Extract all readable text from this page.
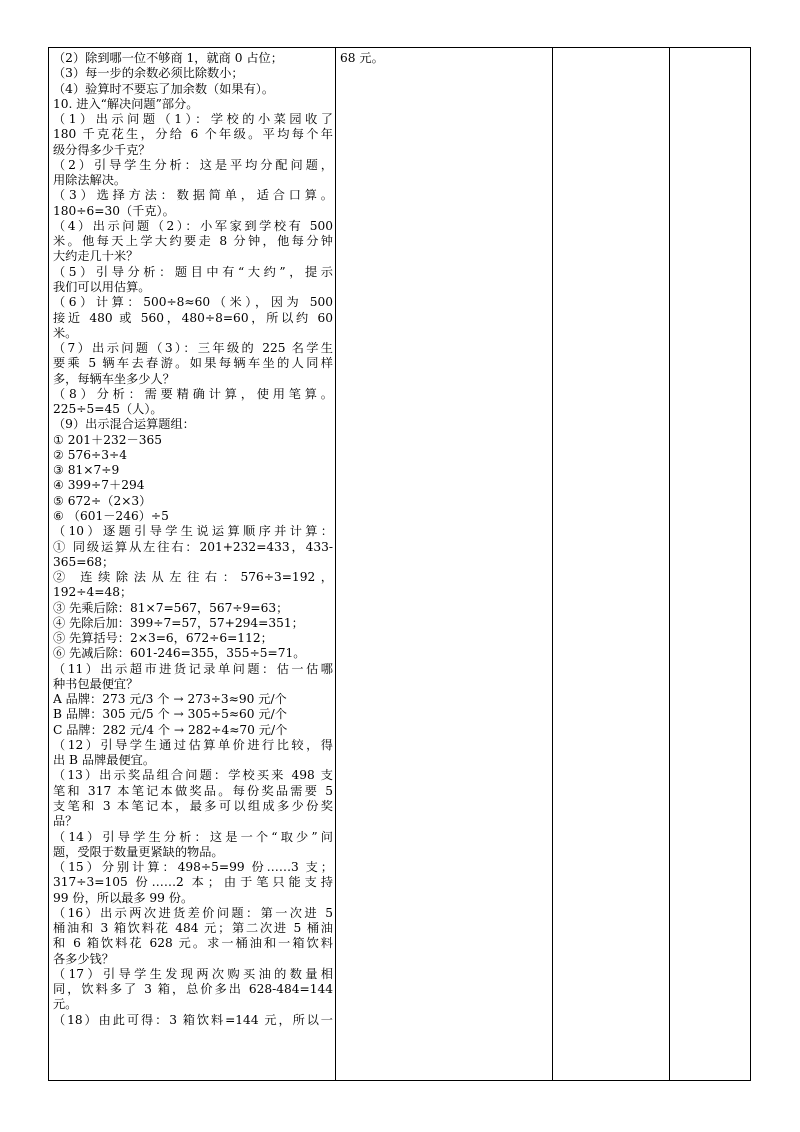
（2）除到哪一位不够商 1，就商 0 占位；
（3）每一步的余数必须比除数小；
（4）验算时不要忘了加余数（如果有）。
10. 进入“解决问题”部分。
（1）出示问题（1）：学校的小菜园收了
180 千克花生，分给 6 个年级。平均每个年
级分得多少千克？
（2）引导学生分析：这是平均分配问题，
用除法解决。
（3）选择方法：数据简单，适合口算。
180÷6=30（千克）。
（4）出示问题（2）：小军家到学校有 500
米。他每天上学大约要走 8 分钟，他每分钟
大约走几十米？
（5）引导分析：题目中有“大约”，提示
我们可以用估算。
（6）计算：500÷8≈60（米），因为 500
接近 480 或 560，480÷8=60，所以约 60
米。
（7）出示问题（3）：三年级的 225 名学生
要乘 5 辆车去春游。如果每辆车坐的人同样
多，每辆车坐多少人？
（8）分析：需要精确计算，使用笔算。
225÷5=45（人）。
（9）出示混合运算题组：
① 201＋232－365
② 576÷3÷4
③ 81×7÷9
④ 399÷7＋294
⑤ 672÷（2×3）
⑥ （601－246）÷5
（10）逐题引导学生说运算顺序并计算：
① 同级运算从左往右：201+232=433，433-
365=68；
② 连续除法从左往右：576÷3=192，
192÷4=48；
③ 先乘后除：81×7=567，567÷9=63；
④ 先除后加：399÷7=57，57+294=351；
⑤ 先算括号：2×3=6，672÷6=112；
⑥ 先减后除：601-246=355，355÷5=71。
（11）出示超市进货记录单问题：估一估哪
种书包最便宜？
A 品牌：273 元/3 个 → 273÷3≈90 元/个
B 品牌：305 元/5 个 → 305÷5≈60 元/个
C 品牌：282 元/4 个 → 282÷4≈70 元/个
（12）引导学生通过估算单价进行比较，得
出 B 品牌最便宜。
（13）出示奖品组合问题：学校买来 498 支
笔和 317 本笔记本做奖品。每份奖品需要 5
支笔和 3 本笔记本，最多可以组成多少份奖
品？
（14）引导学生分析：这是一个“取少”问
题，受限于数量更紧缺的物品。
（15）分别计算：498÷5=99 份……3 支；
317÷3=105 份……2 本；由于笔只能支持
99 份，所以最多 99 份。
（16）出示两次进货差价问题：第一次进 5
桶油和 3 箱饮料花 484 元；第二次进 5 桶油
和 6 箱饮料花 628 元。求一桶油和一箱饮料
各多少钱？
（17）引导学生发现两次购买油的数量相
同，饮料多了 3 箱，总价多出 628-484=144
元。
（18）由此可得：3 箱饮料=144 元，所以一
68 元。
